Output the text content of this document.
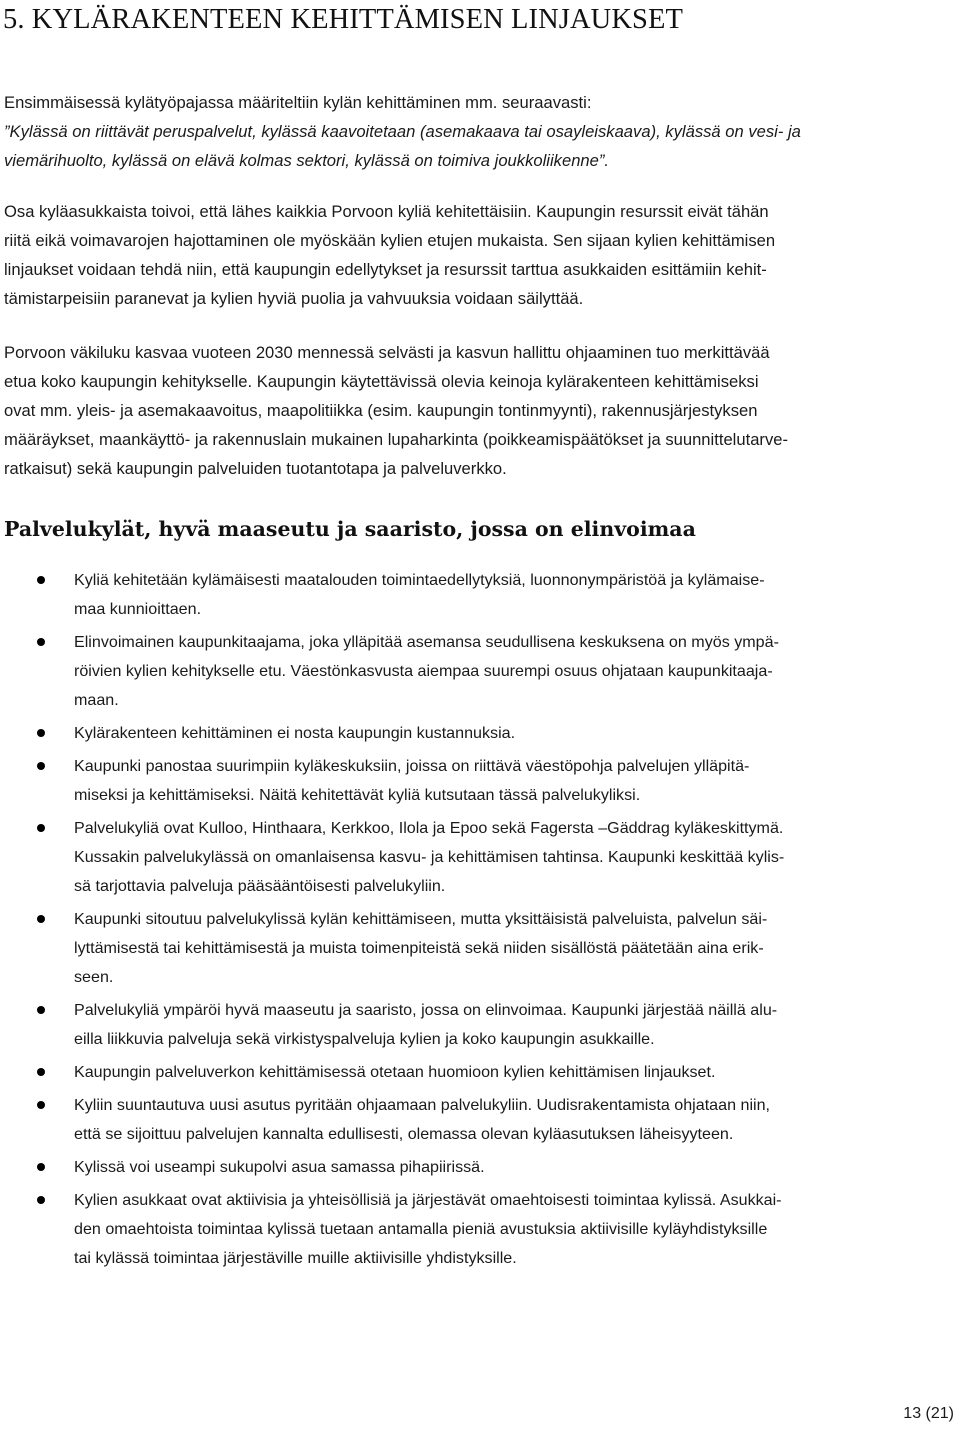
5. KYLÄRAKENTEEN KEHITTÄMISEN LINJAUKSET

Ensimmäisessä kylätyöpajassa määriteltiin kylän kehittäminen mm. seuraavasti:
”Kylässä on riittävät peruspalvelut, kylässä kaavoitetaan (asemakaava tai osayleiskaava), kylässä on vesi- ja
viemärihuolto, kylässä on elävä kolmas sektori, kylässä on toimiva joukkoliikenne”.

Osa kyläasukkaista toivoi, että lähes kaikkia Porvoon kyliä kehitettäisiin. Kaupungin resurssit eivät tähän
riitä eikä voimavarojen hajottaminen ole myöskään kylien etujen mukaista. Sen sijaan kylien kehittämisen
linjaukset voidaan tehdä niin, että kaupungin edellytykset ja resurssit tarttua asukkaiden esittämiin kehit-
tämistarpeisiin paranevat ja kylien hyviä puolia ja vahvuuksia voidaan säilyttää.

Porvoon väkiluku kasvaa vuoteen 2030 mennessä selvästi ja kasvun hallittu ohjaaminen tuo merkittävää
etua koko kaupungin kehitykselle. Kaupungin käytettävissä olevia keinoja kylärakenteen kehittämiseksi
ovat mm. yleis- ja asemakaavoitus, maapolitiikka (esim. kaupungin tontinmyynti), rakennusjärjestyksen
määräykset, maankäyttö- ja rakennuslain mukainen lupaharkinta (poikkeamispäätökset ja suunnittelutarve-
ratkaisut) sekä kaupungin palveluiden tuotantotapa ja palveluverkko.

Palvelukylät, hyvä maaseutu ja saaristo, jossa on elinvoimaa
Kyliä kehitetään kylämäisesti maatalouden toimintaedellytyksiä, luonnonympäristöä ja kylämaise-
maa kunnioittaen.
Elinvoimainen kaupunkitaajama, joka ylläpitää asemansa seudullisena keskuksena on myös ympä-
röivien kylien kehitykselle etu. Väestönkasvusta aiempaa suurempi osuus ohjataan kaupunkitaaja-
maan.
Kylärakenteen kehittäminen ei nosta kaupungin kustannuksia.
Kaupunki panostaa suurimpiin kyläkeskuksiin, joissa on riittävä väestöpohja palvelujen ylläpitä-
miseksi ja kehittämiseksi. Näitä kehitettävät kyliä kutsutaan tässä palvelukyliksi.
Palvelukyliä ovat Kulloo, Hinthaara, Kerkkoo, Ilola ja Epoo sekä Fagersta –Gäddrag kyläkeskittymä.
Kussakin palvelukylässä on omanlaisensa kasvu- ja kehittämisen tahtinsa. Kaupunki keskittää kylis-
sä tarjottavia palveluja pääsääntöisesti palvelukyliin.
Kaupunki sitoutuu palvelukylissä kylän kehittämiseen, mutta yksittäisistä palveluista, palvelun säi-
lyttämisestä tai kehittämisestä ja muista toimenpiteistä sekä niiden sisällöstä päätetään aina erik-
seen.
Palvelukyliä ympäröi hyvä maaseutu ja saaristo, jossa on elinvoimaa. Kaupunki järjestää näillä alu-
eilla liikkuvia palveluja sekä virkistyspalveluja kylien ja koko kaupungin asukkaille.
Kaupungin palveluverkon kehittämisessä otetaan huomioon kylien kehittämisen linjaukset.
Kyliin suuntautuva uusi asutus pyritään ohjaamaan palvelukyliin. Uudisrakentamista ohjataan niin,
että se sijoittuu palvelujen kannalta edullisesti, olemassa olevan kyläasutuksen läheisyyteen.
Kylissä voi useampi sukupolvi asua samassa pihapiirissä.
Kylien asukkaat ovat aktiivisia ja yhteisöllisiä ja järjestävät omaehtoisesti toimintaa kylissä. Asukkai-
den omaehtoista toimintaa kylissä tuetaan antamalla pieniä avustuksia aktiivisille kyläyhdistyksille
tai kylässä toimintaa järjestäville muille aktiivisille yhdistyksille.
13 (21)
